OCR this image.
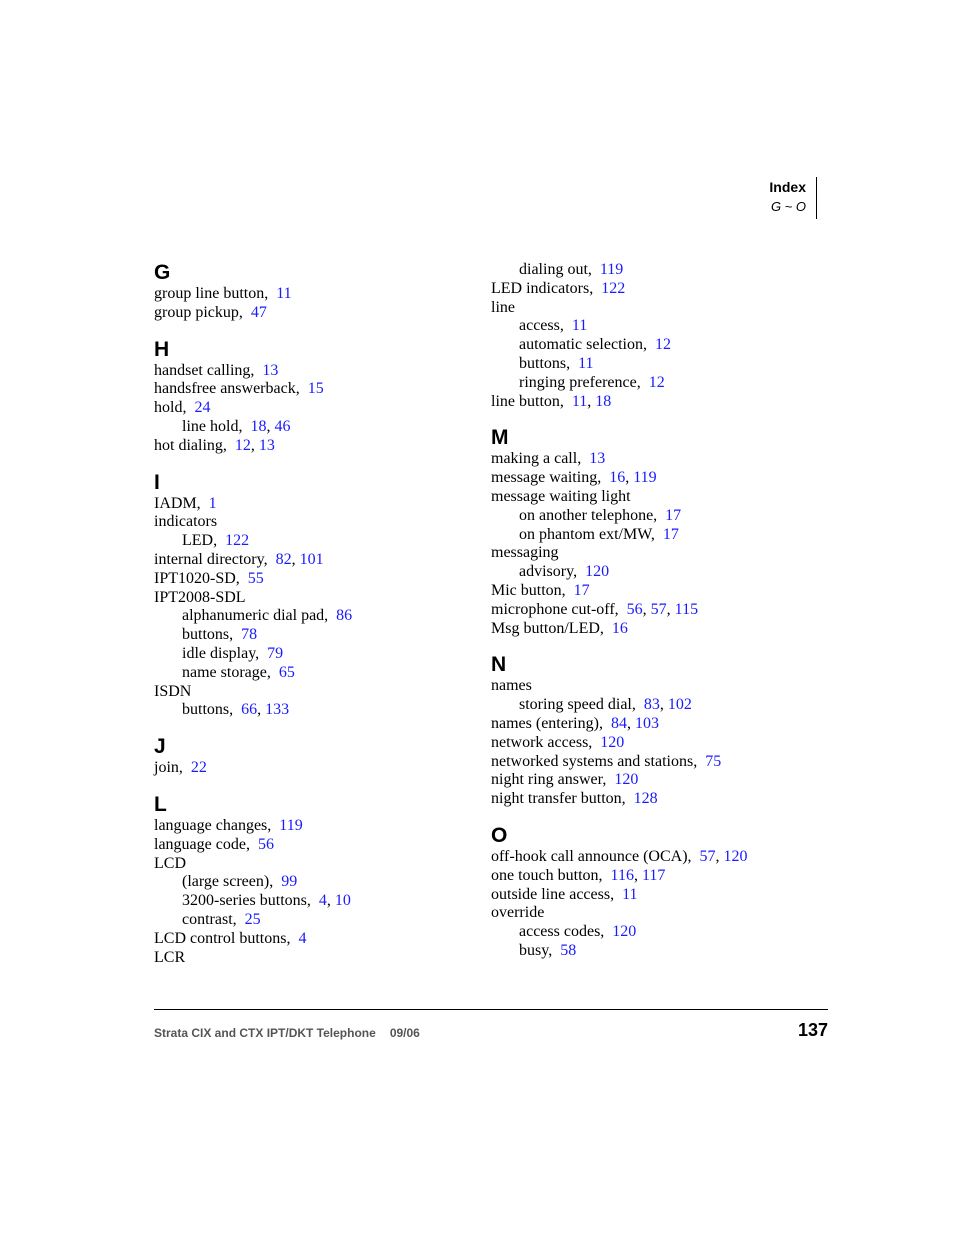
Index
G ~ O
G
group line button,  11
group pickup,  47
H
handset calling,  13
handsfree answerback,  15
hold,  24
line hold,  18, 46
hot dialing,  12, 13
I
IADM,  1
indicators
LED,  122
internal directory,  82, 101
IPT1020-SD,  55
IPT2008-SDL
alphanumeric dial pad,  86
buttons,  78
idle display,  79
name storage,  65
ISDN
buttons,  66, 133
J
join,  22
L
language changes,  119
language code,  56
LCD
(large screen),  99
3200-series buttons,  4, 10
contrast,  25
LCD control buttons,  4
LCR
dialing out,  119
LED indicators,  122
line
access,  11
automatic selection,  12
buttons,  11
ringing preference,  12
line button,  11, 18
M
making a call,  13
message waiting,  16, 119
message waiting light
on another telephone,  17
on phantom ext/MW,  17
messaging
advisory,  120
Mic button,  17
microphone cut-off,  56, 57, 115
Msg button/LED,  16
N
names
storing speed dial,  83, 102
names (entering),  84, 103
network access,  120
networked systems and stations,  75
night ring answer,  120
night transfer button,  128
O
off-hook call announce (OCA),  57, 120
one touch button,  116, 117
outside line access,  11
override
access codes,  120
busy,  58
Strata CIX and CTX IPT/DKT Telephone 09/06	137
